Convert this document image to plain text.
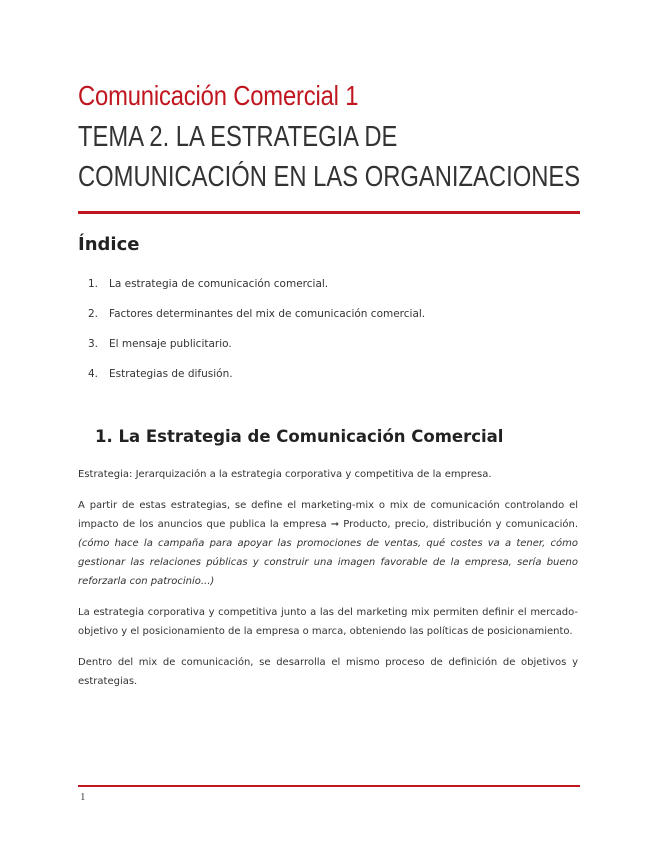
Comunicación Comercial 1
TEMA 2. LA ESTRATEGIA DE COMUNICACIÓN EN LAS ORGANIZACIONES
Índice
1.	La estrategia de comunicación comercial.
2.	Factores determinantes del mix de comunicación comercial.
3.	El mensaje publicitario.
4.	Estrategias de difusión.
1. La Estrategia de Comunicación Comercial

Estrategia: Jerarquización a la estrategia corporativa y competitiva de la empresa.

A partir de estas estrategias, se define el marketing-mix o mix de comunicación controlando el impacto de los anuncios que publica la empresa ➞ Producto, precio, distribución y comunicación. (cómo hace la campaña para apoyar las promociones de ventas, qué costes va a tener, cómo gestionar las relaciones públicas y construir una imagen favorable de la empresa, sería bueno reforzarla con patrocinio...)

La estrategia corporativa y competitiva junto a las del marketing mix permiten definir el mercado-objetivo y el posicionamiento de la empresa o marca, obteniendo las políticas de posicionamiento.

Dentro del mix de comunicación, se desarrolla el mismo proceso de definición de objetivos y estrategias.

1
